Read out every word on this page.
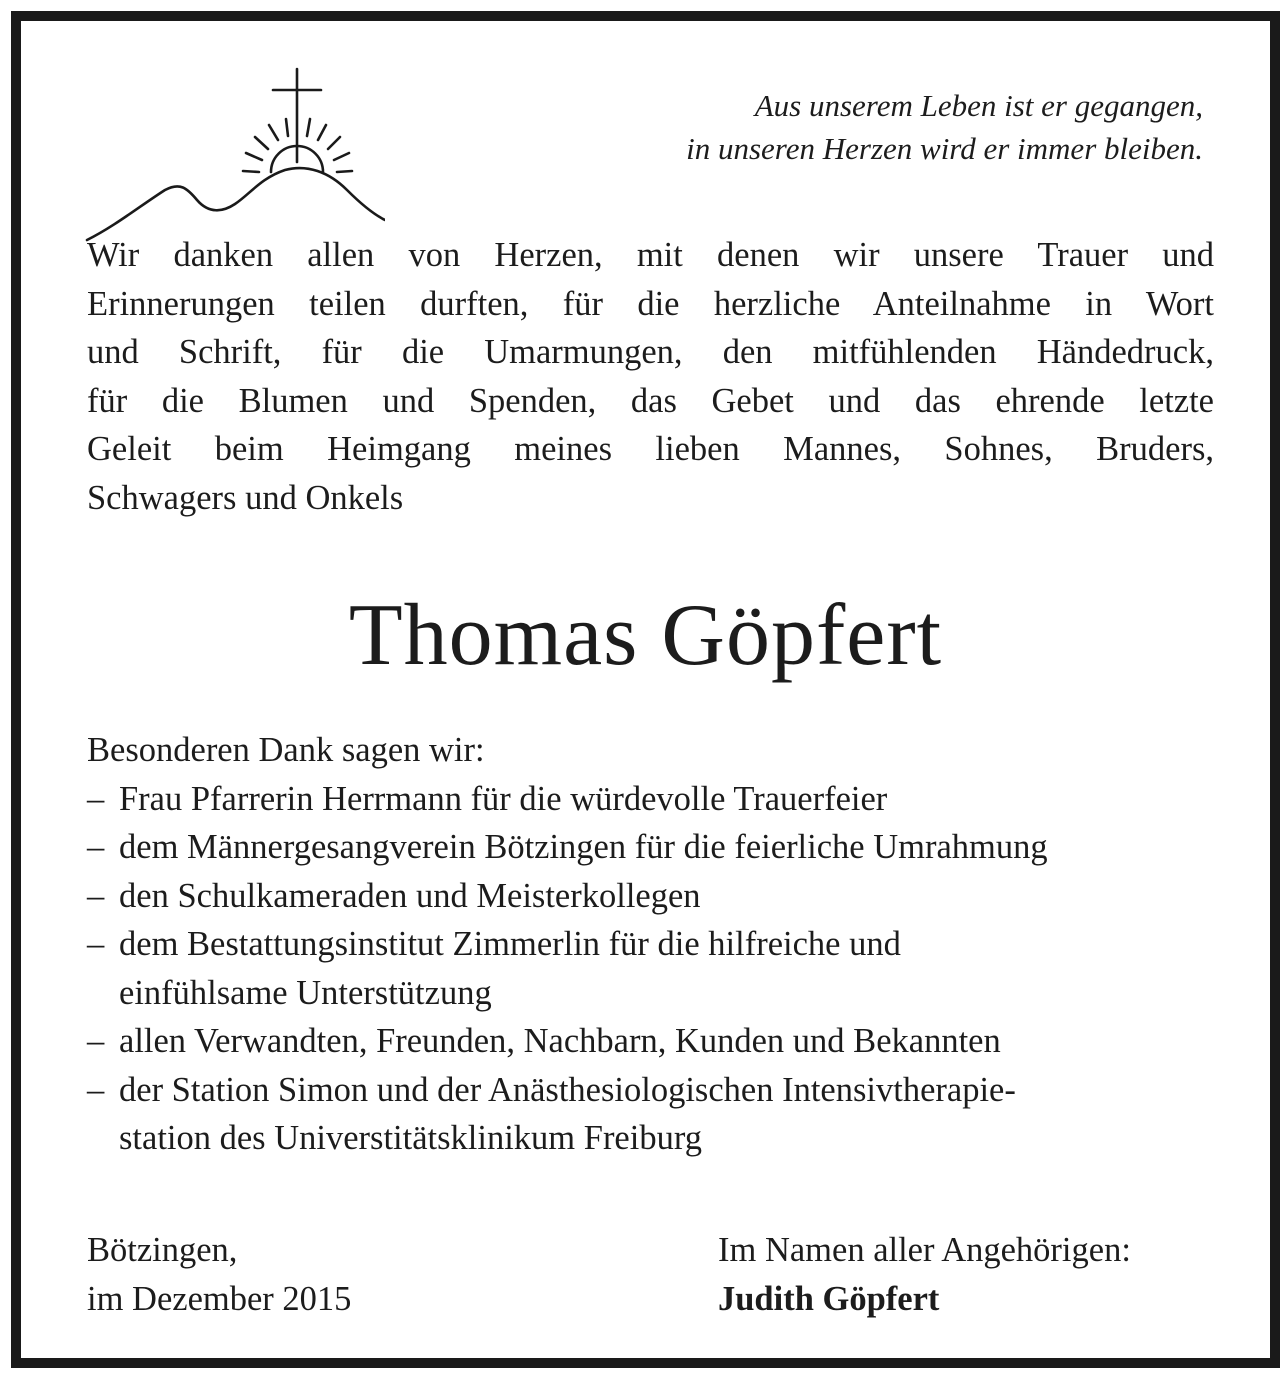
Aus unserem Leben ist er gegangen,
in unseren Herzen wird er immer bleiben.
Wir danken allen von Herzen, mit denen wir unsere Trauer und
Erinnerungen teilen durften, für die herzliche Anteilnahme in Wort
und Schrift, für die Umarmungen, den mitfühlenden Händedruck,
für die Blumen und Spenden, das Gebet und das ehrende letzte
Geleit beim Heimgang meines lieben Mannes, Sohnes, Bruders,
Schwagers und Onkels
Thomas Göpfert
Besonderen Dank sagen wir:
– Frau Pfarrerin Herrmann für die würdevolle Trauerfeier
– dem Männergesangverein Bötzingen für die feierliche Umrahmung
– den Schulkameraden und Meisterkollegen
– dem Bestattungsinstitut Zimmerlin für die hilfreiche und
einfühlsame Unterstützung
– allen Verwandten, Freunden, Nachbarn, Kunden und Bekannten
– der Station Simon und der Anästhesiologischen Intensivtherapie-
station des Universtitätsklinikum Freiburg
Bötzingen,
im Dezember 2015
Im Namen aller Angehörigen:
Judith Göpfert
